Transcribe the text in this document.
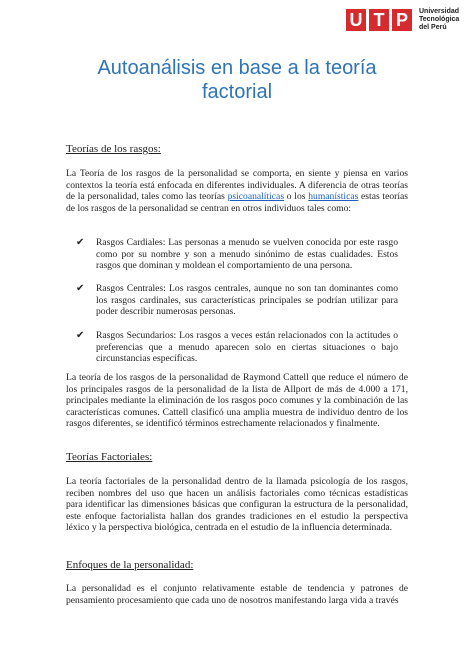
U T P	Universidad
Tecnológica
del Perú
Autoanálisis en base a la teoría
factorial
Teorías de los rasgos:
La Teoría de los rasgos de la personalidad se comporta, en siente y piensa en varios contextos la teoría está enfocada en diferentes individuales. A diferencia de otras teorías de la personalidad, tales como las teorías psicoanalíticas o los humanísticas estas teorías de los rasgos de la personalidad se centran en otros individuos tales como:
✔ Rasgos Cardiales: Las personas a menudo se vuelven conocida por este rasgo como por su nombre y son a menudo sinónimo de estas cualidades. Estos rasgos que dominan y moldean el comportamiento de una persona.
✔ Rasgos Centrales: Los rasgos centrales, aunque no son tan dominantes como los rasgos cardinales, sus características principales se podrían utilizar para poder describir numerosas personas.
✔ Rasgos Secundarios: Los rasgos a veces están relacionados con la actitudes o preferencias que a menudo aparecen solo en ciertas situaciones o bajo circunstancias específicas.
La teoría de los rasgos de la personalidad de Raymond Cattell que reduce el número de los principales rasgos de la personalidad de la lista de Allport de más de 4.000 a 171, principales mediante la eliminación de los rasgos poco comunes y la combinación de las características comunes. Cattell clasificó una amplia muestra de individuo dentro de los rasgos diferentes, se identificó términos estrechamente relacionados y finalmente.
Teorías Factoriales:
La teoría factoriales de la personalidad dentro de la llamada psicología de los rasgos, reciben nombres del uso que hacen un análisis factoriales como técnicas estadísticas para identificar las dimensiones básicas que configuran la estructura de la personalidad, este enfoque factorialista hallan dos grandes tradiciones en el estudio la perspectiva léxico y la perspectiva biológica, centrada en el estudio de la influencia determinada.
Enfoques de la personalidad:
La personalidad es el conjunto relativamente estable de tendencia y patrones de pensamiento procesamiento que cada uno de nosotros manifestando larga vida a través
